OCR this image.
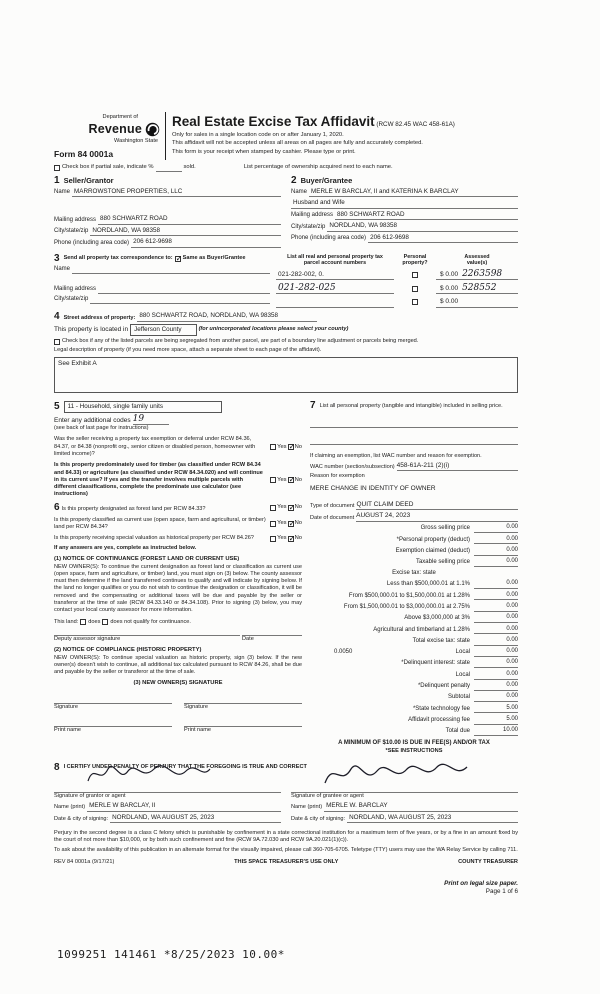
Department of
Revenue
Washington State
Form 84 0001a
Real Estate Excise Tax Affidavit (RCW 82.45 WAC 458-61A)
Only for sales in a single location code on or after January 1, 2020.
This affidavit will not be accepted unless all areas on all pages are fully and accurately completed.
This form is your receipt when stamped by cashier. Please type or print.
Check box if partial sale, indicate %	sold.	List percentage of ownership acquired next to each name.
1 Seller/Grantor
Name MARROWSTONE PROPERTIES, LLC
Mailing address 880 SCHWARTZ ROAD
City/state/zip NORDLAND, WA 98358
Phone (including area code) 206 612-9698
2 Buyer/Grantee
Name MERLE W BARCLAY, II and KATERINA K BARCLAY
Husband and Wife
Mailing address 880 SCHWARTZ ROAD
City/state/zip NORDLAND, WA 98358
Phone (including area code) 206 612-9698
3 Send all property tax correspondence to: ✓ Same as Buyer/Grantee
Name
Mailing address
City/state/zip
List all real and personal property tax
parcel account numbers
Personal
property?
Assessed
value(s)
021-282-002, 0.	$ 0.00 2263598
021-282-025	$ 0.00 528552
$ 0.00
4 Street address of property: 880 SCHWARTZ ROAD, NORDLAND, WA 98358
This property is located in Jefferson County	(for unincorporated locations please select your county)
Check box if any of the listed parcels are being segregated from another parcel, are part of a boundary line adjustment or parcels being merged.
Legal description of property (if you need more space, attach a separate sheet to each page of the affidavit).
See Exhibit A
5	11 - Household, single family units
Enter any additional codes 19
(see back of last page for instructions)
Was the seller receiving a property tax exemption or deferral under RCW 84.36, 84.37, or 84.38 (nonprofit org., senior citizen or disabled person, homeowner with limited income)?
Yes ✓ No
Is this property predominately used for timber (as classified under RCW 84.34 and 84.33) or agriculture (as classified under RCW 84.34.020) and will continue in its current use? If yes and the transfer involves multiple parcels with different classifications, complete the predominate use calculator (see instructions)
Yes ✓ No
6 Is this property designated as forest land per RCW 84.33?	Yes ✓ No
Is this property classified as current use (open space, farm and agricultural, or timber) land per RCW 84.34?
Yes ✓ No
Is this property receiving special valuation as historical property per RCW 84.26?	Yes ✓ No
If any answers are yes, complete as instructed below.
(1) NOTICE OF CONTINUANCE (FOREST LAND OR CURRENT USE)
NEW OWNER(S): To continue the current designation as forest land or classification as current use (open space, farm and agriculture, or timber) land, you must sign on (3) below. The county assessor must then determine if the land transferred continues to qualify and will indicate by signing below. If the land no longer qualifies or you do not wish to continue the designation or classification, it will be removed and the compensating or additional taxes will be due and payable by the seller or transferor at the time of sale (RCW 84.33.140 or 84.34.108). Prior to signing (3) below, you may contact your local county assessor for more information.
This land: does does not qualify for continuance.
Deputy assessor signature	Date
(2) NOTICE OF COMPLIANCE (HISTORIC PROPERTY)
NEW OWNER(S): To continue special valuation as historic property, sign (3) below. If the new owner(s) doesn't wish to continue, all additional tax calculated pursuant to RCW 84.26, shall be due and payable by the seller or transferor at the time of sale.
(3) NEW OWNER(S) SIGNATURE
Signature	Signature
Print name	Print name
7 List all personal property (tangible and intangible) included in selling price.
If claiming an exemption, list WAC number and reason for exemption.
WAC number (section/subsection) 458-61A-211 (2)(i)
Reason for exemption
MERE CHANGE IN IDENTITY OF OWNER
Type of document QUIT CLAIM DEED
Date of document AUGUST 24, 2023
Gross selling price	0.00
*Personal property (deduct)	0.00
Exemption claimed (deduct)	0.00
Taxable selling price	0.00
Excise tax: state
Less than $500,000.01 at 1.1%	0.00
From $500,000.01 to $1,500,000.01 at 1.28%	0.00
From $1,500,000.01 to $3,000,000.01 at 2.75%	0.00
Above $3,000,000 at 3%	0.00
Agricultural and timberland at 1.28%	0.00
Total excise tax: state	0.00
0.0050	Local	0.00
*Delinquent interest: state	0.00
Local	0.00
*Delinquent penalty	0.00
Subtotal	0.00
*State technology fee	5.00
Affidavit processing fee	5.00
Total due	10.00
A MINIMUM OF $10.00 IS DUE IN FEE(S) AND/OR TAX
*SEE INSTRUCTIONS
8 I CERTIFY UNDER PENALTY OF PERJURY THAT THE FOREGOING IS TRUE AND CORRECT
Signature of grantor or agent
Name (print) MERLE W BARCLAY, II
Date & city of signing: NORDLAND, WA AUGUST 25, 2023
Signature of grantee or agent
Name (print) MERLE W. BARCLAY
Date & city of signing: NORDLAND, WA AUGUST 25, 2023
Perjury in the second degree is a class C felony which is punishable by confinement in a state correctional institution for a maximum term of five years, or by a fine in an amount fixed by the court of not more than $10,000, or by both such confinement and fine (RCW 9A.72.030 and RCW 9A.20.021(1)(c)).
To ask about the availability of this publication in an alternate format for the visually impaired, please call 360-705-6705. Teletype (TTY) users may use the WA Relay Service by calling 711.
REV 84 0001a (9/17/21)	THIS SPACE TREASURER'S USE ONLY	COUNTY TREASURER
Print on legal size paper.
Page 1 of 6
1099251 141461 *8/25/2023 10.00*
